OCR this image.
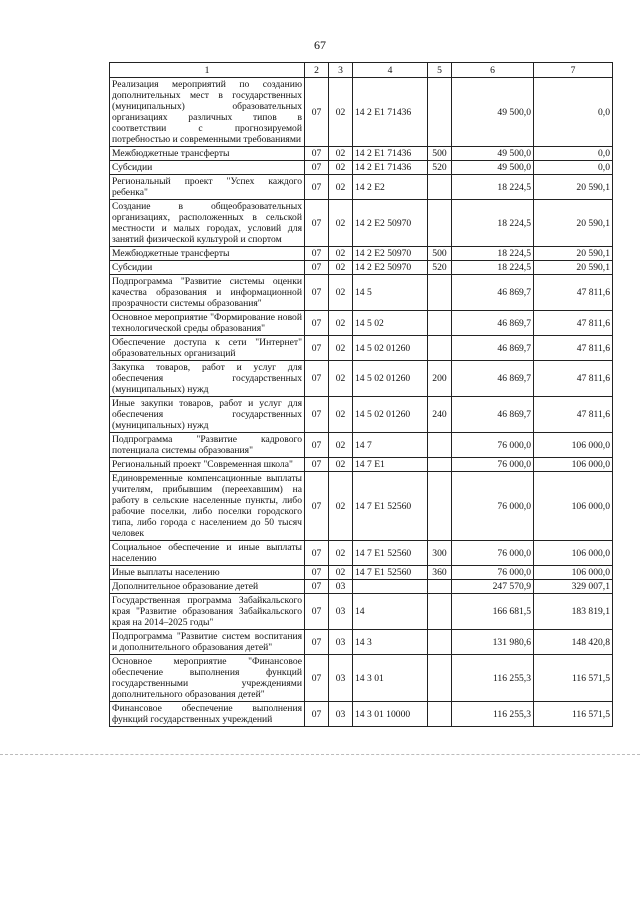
67
1	2	3	4	5	6	7
Реализация мероприятий по созданию дополнительных мест в государственных (муниципальных) образовательных организациях различных типов в соответствии с прогнозируемой потребностью и современными требованиями	07	02	14 2 E1 71436		49 500,0	0,0
Межбюджетные трансферты	07	02	14 2 E1 71436	500	49 500,0	0,0
Субсидии	07	02	14 2 E1 71436	520	49 500,0	0,0
Региональный проект "Успех каждого ребенка"	07	02	14 2 E2		18 224,5	20 590,1
Создание в общеобразовательных организациях, расположенных в сельской местности и малых городах, условий для занятий физической культурой и спортом	07	02	14 2 E2 50970		18 224,5	20 590,1
Межбюджетные трансферты	07	02	14 2 E2 50970	500	18 224,5	20 590,1
Субсидии	07	02	14 2 E2 50970	520	18 224,5	20 590,1
Подпрограмма "Развитие системы оценки качества образования и информационной прозрачности системы образования"	07	02	14 5		46 869,7	47 811,6
Основное мероприятие "Формирование новой технологической среды образования"	07	02	14 5 02		46 869,7	47 811,6
Обеспечение доступа к сети "Интернет" образовательных организаций	07	02	14 5 02 01260		46 869,7	47 811,6
Закупка товаров, работ и услуг для обеспечения государственных (муниципальных) нужд	07	02	14 5 02 01260	200	46 869,7	47 811,6
Иные закупки товаров, работ и услуг для обеспечения государственных (муниципальных) нужд	07	02	14 5 02 01260	240	46 869,7	47 811,6
Подпрограмма "Развитие кадрового потенциала системы образования"	07	02	14 7		76 000,0	106 000,0
Региональный проект "Современная школа"	07	02	14 7 E1		76 000,0	106 000,0
Единовременные компенсационные выплаты учителям, прибывшим (переехавшим) на работу в сельские населенные пункты, либо рабочие поселки, либо поселки городского типа, либо города с населением до 50 тысяч человек	07	02	14 7 E1 52560		76 000,0	106 000,0
Социальное обеспечение и иные выплаты населению	07	02	14 7 E1 52560	300	76 000,0	106 000,0
Иные выплаты населению	07	02	14 7 E1 52560	360	76 000,0	106 000,0
Дополнительное образование детей	07	03			247 570,9	329 007,1
Государственная программа Забайкальского края "Развитие образования Забайкальского края на 2014–2025 годы"	07	03	14		166 681,5	183 819,1
Подпрограмма "Развитие систем воспитания и дополнительного образования детей"	07	03	14 3		131 980,6	148 420,8
Основное мероприятие "Финансовое обеспечение выполнения функций государственными учреждениями дополнительного образования детей"	07	03	14 3 01		116 255,3	116 571,5
Финансовое обеспечение выполнения функций государственных учреждений	07	03	14 3 01 10000		116 255,3	116 571,5
